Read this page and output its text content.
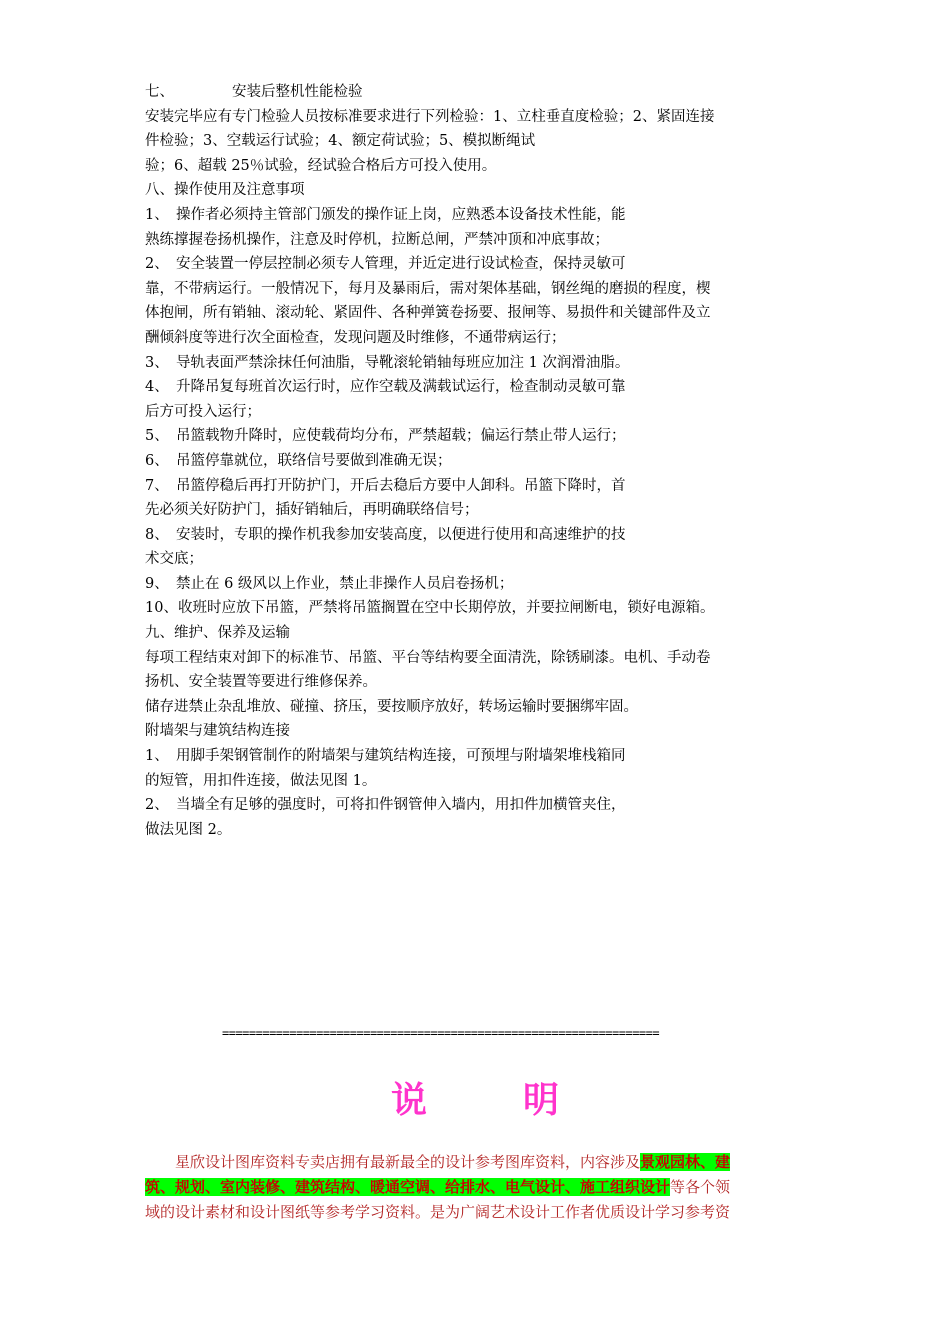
七、	安装后整机性能检验
安装完毕应有专门检验人员按标准要求进行下列检验：1、立柱垂直度检验；2、紧固连接
件检验；3、空载运行试验；4、额定荷试验；5、模拟断绳试
验；6、超载 25％试验，经试验合格后方可投入使用。
八、操作使用及注意事项
1、　操作者必须持主管部门颁发的操作证上岗，应熟悉本设备技术性能，能
熟练撑握卷扬机操作，注意及时停机，拉断总闸，严禁冲顶和冲底事故；
2、　安全装置一停层控制必须专人管理，并近定进行设试检查，保持灵敏可
靠，不带病运行。一般情况下，每月及暴雨后，需对架体基础，钢丝绳的磨损的程度，楔
体抱闸，所有销轴、滚动轮、紧固件、各种弹簧卷扬要、报闸等、易损件和关键部件及立
酬倾斜度等进行次全面检查，发现问题及时维修，不通带病运行；
3、　导轨表面严禁涂抹任何油脂，导靴滚轮销轴每班应加注 1 次润滑油脂。
4、　升降吊复每班首次运行时，应作空载及满载试运行，检查制动灵敏可靠
后方可投入运行；
5、　吊篮载物升降时，应使载荷均分布，严禁超载；偏运行禁止带人运行；
6、　吊篮停靠就位，联络信号要做到准确无误；
7、　吊篮停稳后再打开防护门，开后去稳后方要中人卸科。吊篮下降时，首
先必须关好防护门，插好销轴后，再明确联络信号；
8、　安装时，专职的操作机我参加安装高度，以便进行使用和高速维护的技
术交底；
9、　禁止在 6 级风以上作业，禁止非操作人员启卷扬机；
10、收班时应放下吊篮，严禁将吊篮搁置在空中长期停放，并要拉闸断电，锁好电源箱。
九、维护、保养及运输
每项工程结束对卸下的标准节、吊篮、平台等结构要全面清洗，除锈刷漆。电机、手动卷
扬机、安全装置等要进行维修保养。
储存进禁止杂乱堆放、碰撞、挤压，要按顺序放好，转场运输时要捆绑牢固。
附墙架与建筑结构连接
1、　用脚手架钢管制作的附墙架与建筑结构连接，可预埋与附墙架堆栈箱同
的短管，用扣件连接，做法见图 1。
2、　当墙全有足够的强度时，可将扣件钢管伸入墙内，用扣件加横管夹住，
做法见图 2。
=================================================================
说	明
星欣设计图库资料专卖店拥有最新最全的设计参考图库资料，内容涉及景观园林、建
筑、规划、室内装修、建筑结构、暖通空调、给排水、电气设计、施工组织设计等各个领
域的设计素材和设计图纸等参考学习资料。是为广阔艺术设计工作者优质设计学习参考资
